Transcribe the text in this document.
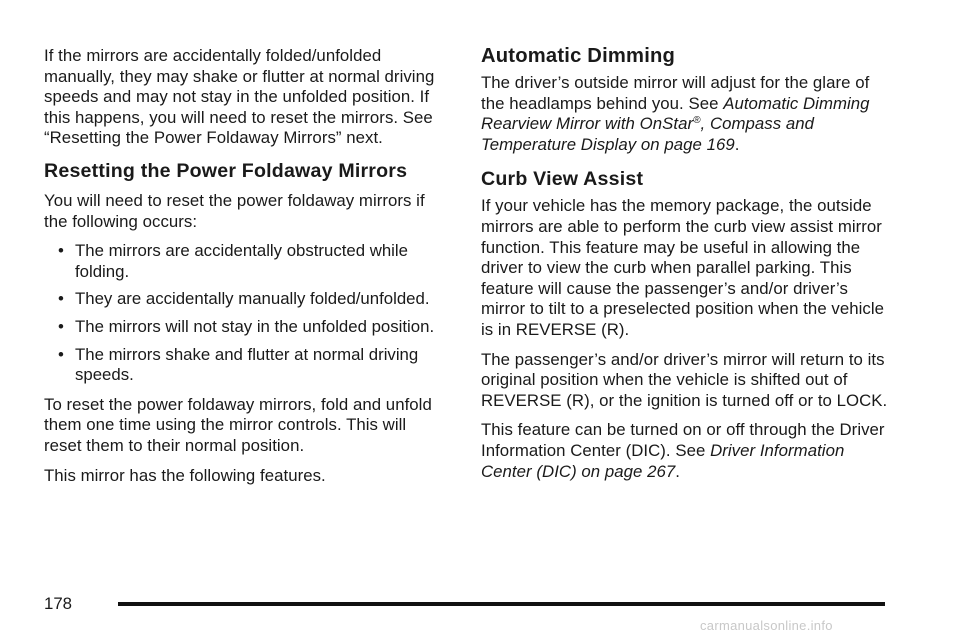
If the mirrors are accidentally folded/unfolded manually, they may shake or flutter at normal driving speeds and may not stay in the unfolded position. If this happens, you will need to reset the mirrors. See “Resetting the Power Foldaway Mirrors” next.

Resetting the Power Foldaway Mirrors

You will need to reset the power foldaway mirrors if the following occurs:

• The mirrors are accidentally obstructed while folding.
• They are accidentally manually folded/unfolded.
• The mirrors will not stay in the unfolded position.
• The mirrors shake and flutter at normal driving speeds.

To reset the power foldaway mirrors, fold and unfold them one time using the mirror controls. This will reset them to their normal position.

This mirror has the following features.

Automatic Dimming

The driver’s outside mirror will adjust for the glare of the headlamps behind you. See Automatic Dimming Rearview Mirror with OnStar®, Compass and Temperature Display on page 169.

Curb View Assist

If your vehicle has the memory package, the outside mirrors are able to perform the curb view assist mirror function. This feature may be useful in allowing the driver to view the curb when parallel parking. This feature will cause the passenger’s and/or driver’s mirror to tilt to a preselected position when the vehicle is in REVERSE (R).

The passenger’s and/or driver’s mirror will return to its original position when the vehicle is shifted out of REVERSE (R), or the ignition is turned off or to LOCK.

This feature can be turned on or off through the Driver Information Center (DIC). See Driver Information Center (DIC) on page 267.

178
carmanualsonline.info
